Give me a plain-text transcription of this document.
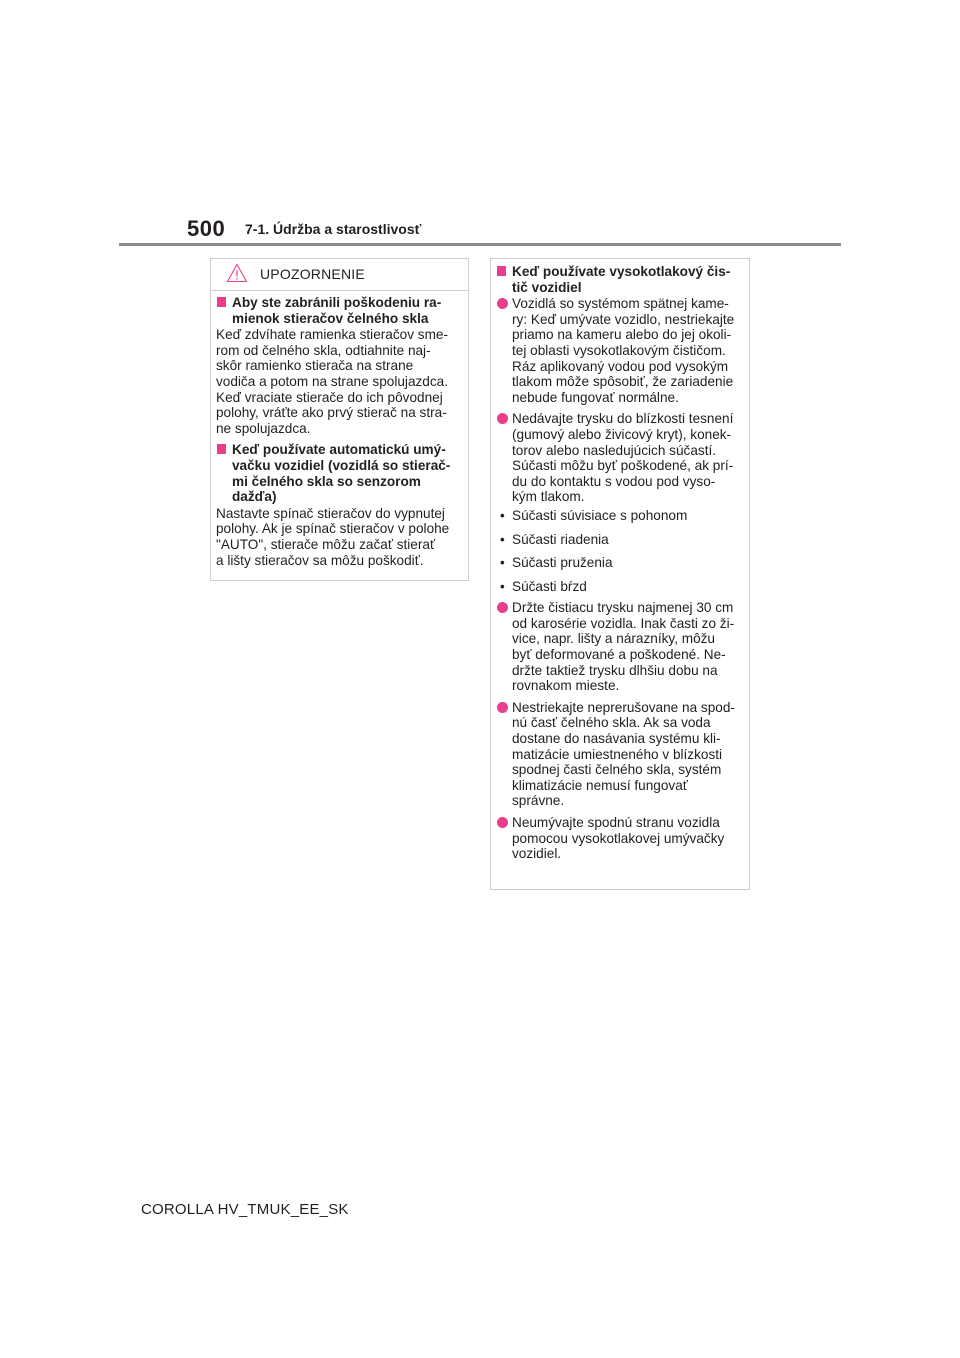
500 7-1. Údržba a starostlivosť
UPOZORNENIE
Aby ste zabránili poškodeniu ra-
mienok stieračov čelného skla
Keď zdvíhate ramienka stieračov sme-
rom od čelného skla, odtiahnite naj-
skôr ramienko stierača na strane
vodiča a potom na strane spolujazdca.
Keď vraciate stierače do ich pôvodnej
polohy, vráťte ako prvý stierač na stra-
ne spolujazdca.
Keď používate automatickú umý-
vačku vozidiel (vozidlá so stierač-
mi čelného skla so senzorom
dažďa)
Nastavte spínač stieračov do vypnutej
polohy. Ak je spínač stieračov v polohe
"AUTO", stierače môžu začať stierať
a lišty stieračov sa môžu poškodiť.
Keď používate vysokotlakový čis-
tič vozidiel
Vozidlá so systémom spätnej kame-
ry: Keď umývate vozidlo, nestriekajte
priamo na kameru alebo do jej okoli-
tej oblasti vysokotlakovým čističom.
Ráz aplikovaný vodou pod vysokým
tlakom môže spôsobiť, že zariadenie
nebude fungovať normálne.
Nedávajte trysku do blízkosti tesnení
(gumový alebo živicový kryt), konek-
torov alebo nasledujúcich súčastí.
Súčasti môžu byť poškodené, ak prí-
du do kontaktu s vodou pod vyso-
kým tlakom.
• Súčasti súvisiace s pohonom
• Súčasti riadenia
• Súčasti pruženia
• Súčasti bŕzd
Držte čistiacu trysku najmenej 30 cm
od karosérie vozidla. Inak časti zo ži-
vice, napr. lišty a nárazníky, môžu
byť deformované a poškodené. Ne-
držte taktiež trysku dlhšiu dobu na
rovnakom mieste.
Nestriekajte neprerušovane na spod-
nú časť čelného skla. Ak sa voda
dostane do nasávania systému kli-
matizácie umiestneného v blízkosti
spodnej časti čelného skla, systém
klimatizácie nemusí fungovať
správne.
Neumývajte spodnú stranu vozidla
pomocou vysokotlakovej umývačky
vozidiel.
COROLLA HV_TMUK_EE_SK
